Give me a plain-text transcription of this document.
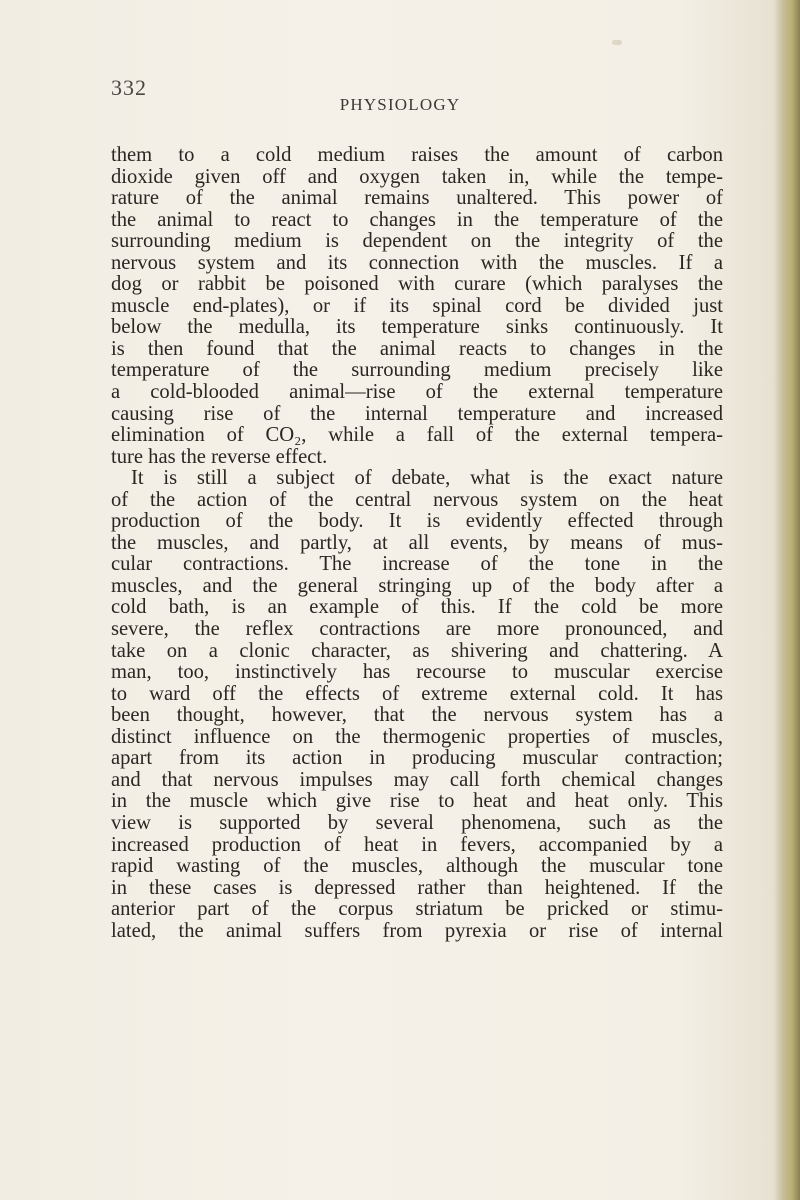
332
PHYSIOLOGY
them to a cold medium raises the amount of carbon
dioxide given off and oxygen taken in, while the tempe-
rature of the animal remains unaltered. This power of
the animal to react to changes in the temperature of the
surrounding medium is dependent on the integrity of the
nervous system and its connection with the muscles. If a
dog or rabbit be poisoned with curare (which paralyses the
muscle end-plates), or if its spinal cord be divided just
below the medulla, its temperature sinks continuously. It
is then found that the animal reacts to changes in the
temperature of the surrounding medium precisely like
a cold-blooded animal—rise of the external temperature
causing rise of the internal temperature and increased
elimination of CO₂, while a fall of the external tempera-
ture has the reverse effect.
It is still a subject of debate, what is the exact nature
of the action of the central nervous system on the heat
production of the body. It is evidently effected through
the muscles, and partly, at all events, by means of mus-
cular contractions. The increase of the tone in the
muscles, and the general stringing up of the body after a
cold bath, is an example of this. If the cold be more
severe, the reflex contractions are more pronounced, and
take on a clonic character, as shivering and chattering. A
man, too, instinctively has recourse to muscular exercise
to ward off the effects of extreme external cold. It has
been thought, however, that the nervous system has a
distinct influence on the thermogenic properties of muscles,
apart from its action in producing muscular contraction;
and that nervous impulses may call forth chemical changes
in the muscle which give rise to heat and heat only. This
view is supported by several phenomena, such as the
increased production of heat in fevers, accompanied by a
rapid wasting of the muscles, although the muscular tone
in these cases is depressed rather than heightened. If the
anterior part of the corpus striatum be pricked or stimu-
lated, the animal suffers from pyrexia or rise of internal
